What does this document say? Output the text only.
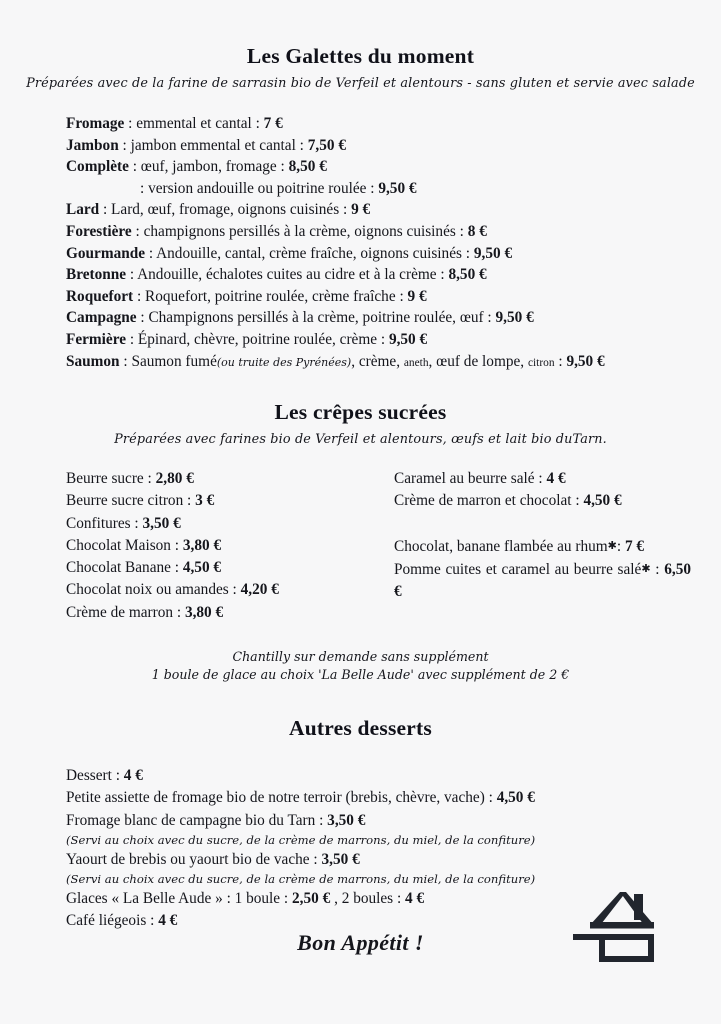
Les Galettes du moment
Préparées avec de la farine de sarrasin bio de Verfeil et alentours - sans gluten et servie avec salade
Fromage : emmental et cantal : 7 €
Jambon : jambon emmental et cantal : 7,50 €
Complète : œuf, jambon, fromage : 8,50 €
: version andouille ou poitrine roulée : 9,50 €
Lard : Lard, œuf, fromage, oignons cuisinés : 9 €
Forestière : champignons persillés à la crème, oignons cuisinés : 8 €
Gourmande : Andouille, cantal, crème fraîche, oignons cuisinés : 9,50 €
Bretonne : Andouille, échalotes cuites au cidre et à la crème : 8,50 €
Roquefort : Roquefort, poitrine roulée, crème fraîche : 9 €
Campagne : Champignons persillés à la crème, poitrine roulée, œuf : 9,50 €
Fermière : Épinard, chèvre, poitrine roulée, crème : 9,50 €
Saumon : Saumon fumé(ou truite des Pyrénées), crème, aneth, œuf de lompe, citron : 9,50 €
Les crêpes sucrées
Préparées avec farines bio de Verfeil et alentours, œufs et lait bio duTarn.
Beurre sucre : 2,80 €
Beurre sucre citron : 3 €
Confitures : 3,50 €
Chocolat Maison : 3,80 €
Chocolat Banane : 4,50 €
Chocolat noix ou amandes : 4,20 €
Crème de marron : 3,80 €
Caramel au beurre salé : 4 €
Crème de marron et chocolat : 4,50 €
Chocolat, banane flambée au rhum✱: 7 €
Pomme cuites et caramel au beurre salé✱ : 6,50 €
Chantilly sur demande sans supplément
1 boule de glace au choix 'La Belle Aude' avec supplément de 2 €
Autres desserts
Dessert : 4 €
Petite assiette de fromage bio de notre terroir (brebis, chèvre, vache) : 4,50 €
Fromage blanc de campagne bio du Tarn : 3,50 €
(Servi au choix avec du sucre, de la crème de marrons, du miel, de la confiture)
Yaourt de brebis ou yaourt bio de vache : 3,50 €
(Servi au choix avec du sucre, de la crème de marrons, du miel, de la confiture)
Glaces « La Belle Aude » : 1 boule : 2,50 € , 2 boules : 4 €
Café liégeois : 4 €
Bon Appétit !
